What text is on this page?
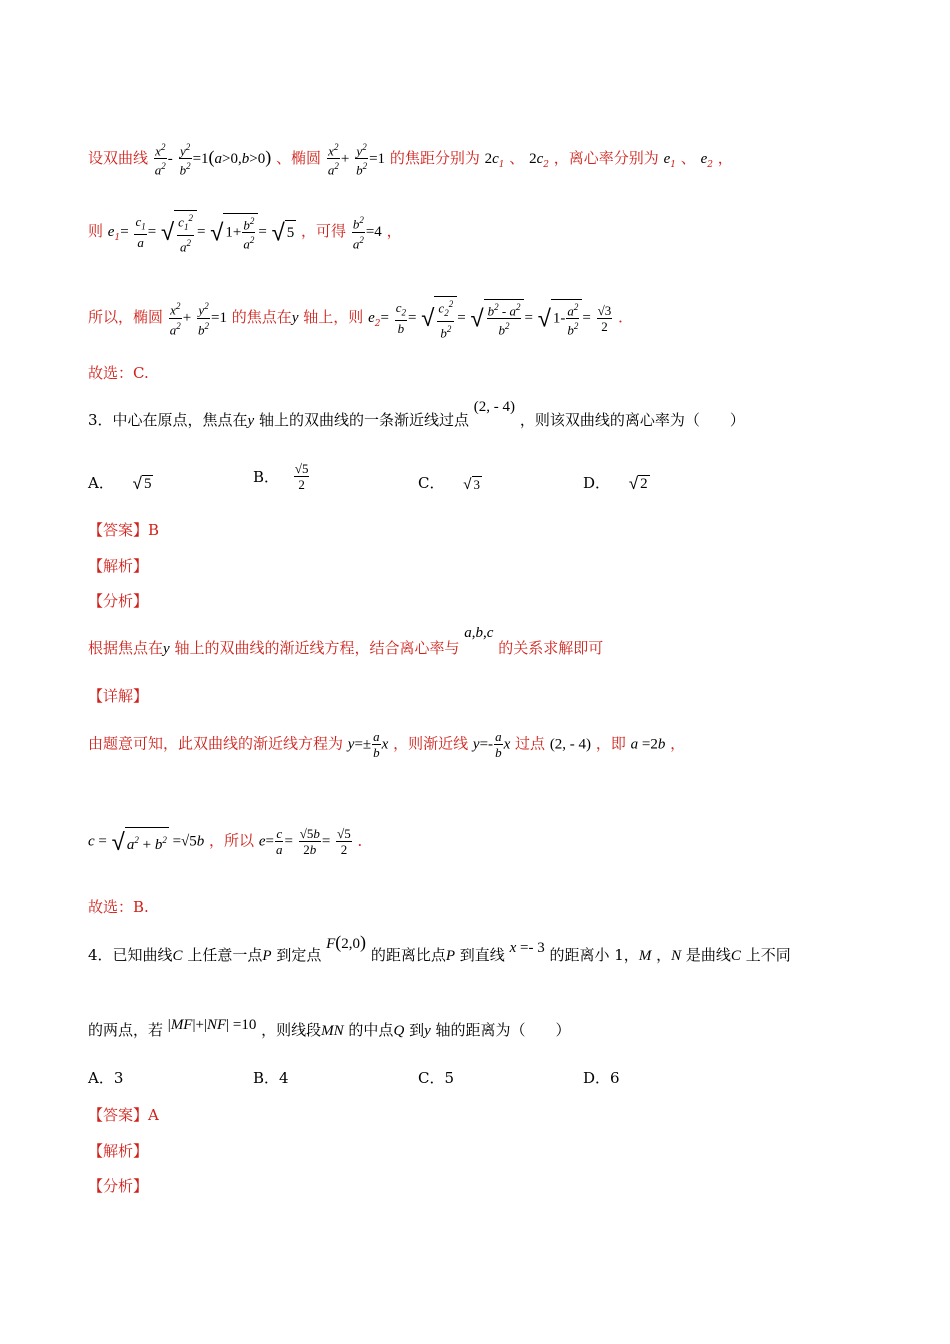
设双曲线 $\frac{x^2}{a^2} - \frac{y^2}{b^2} =1(a>0,b>0)$ 、椭圆 $\frac{x^2}{a^2} + \frac{y^2}{b^2} =1$ 的焦距分别为 $2c_1$ 、 $2c_2$ ，离心率分别为 $e_1$ 、 $e_2$ ，
则 $e_1= \frac{c_1}{a}$ = √ $\frac{c_1^2}{a^2}$ = √ $1+ \frac{b^2}{a^2}$ = √ 5 ，可得 $\frac{b^2}{a^2} =4$ ，
所以，椭圆 $\frac{x^2}{a^2} + \frac{y^2}{b^2} =1$ 的焦点在y 轴上，则 $e_2= \frac{c_2}{b}$ = √ $\frac{c_2^2}{b^2}$ = √ $\frac{b^2 - a^2}{b^2}$ = √ $1- \frac{a^2}{b^2} = \frac{√3}{2}$ ．
故选：C.
3．中心在原点，焦点在y 轴上的双曲线的一条渐近线过点 (2, - 4) ，则该双曲线的离心率为（　　）
A． √ 5	B． $\frac{√5}{2}$	C． √ 3	D． √ 2
【答案】B
【解析】
【分析】
根据焦点在y 轴上的双曲线的渐近线方程，结合离心率与 a,b,c 的关系求解即可
【详解】
由题意可知，此双曲线的渐近线方程为 $y=\pm \frac{a}{b}$ x ，则渐近线 $y=- \frac{a}{b}$ x 过点 (2, - 4) ，即 a =2b ，
c = √ $a^2 + b^2 =√5b$ ，所以 $e= \frac{c}{a} = \frac{√5b}{2b} = \frac{√5}{2}$ ．
故选：B.
4．已知曲线C 上任意一点P 到定点 F(2,0) 的距离比点P 到直线 x =- 3 的距离小 1，M ，N 是曲线C 上不同
的两点，若 |MF|+|NF| =10 ，则线段MN 的中点Q 到y 轴的距离为（　　）
A．3	B．4	C．5	D．6
【答案】A
【解析】
【分析】
